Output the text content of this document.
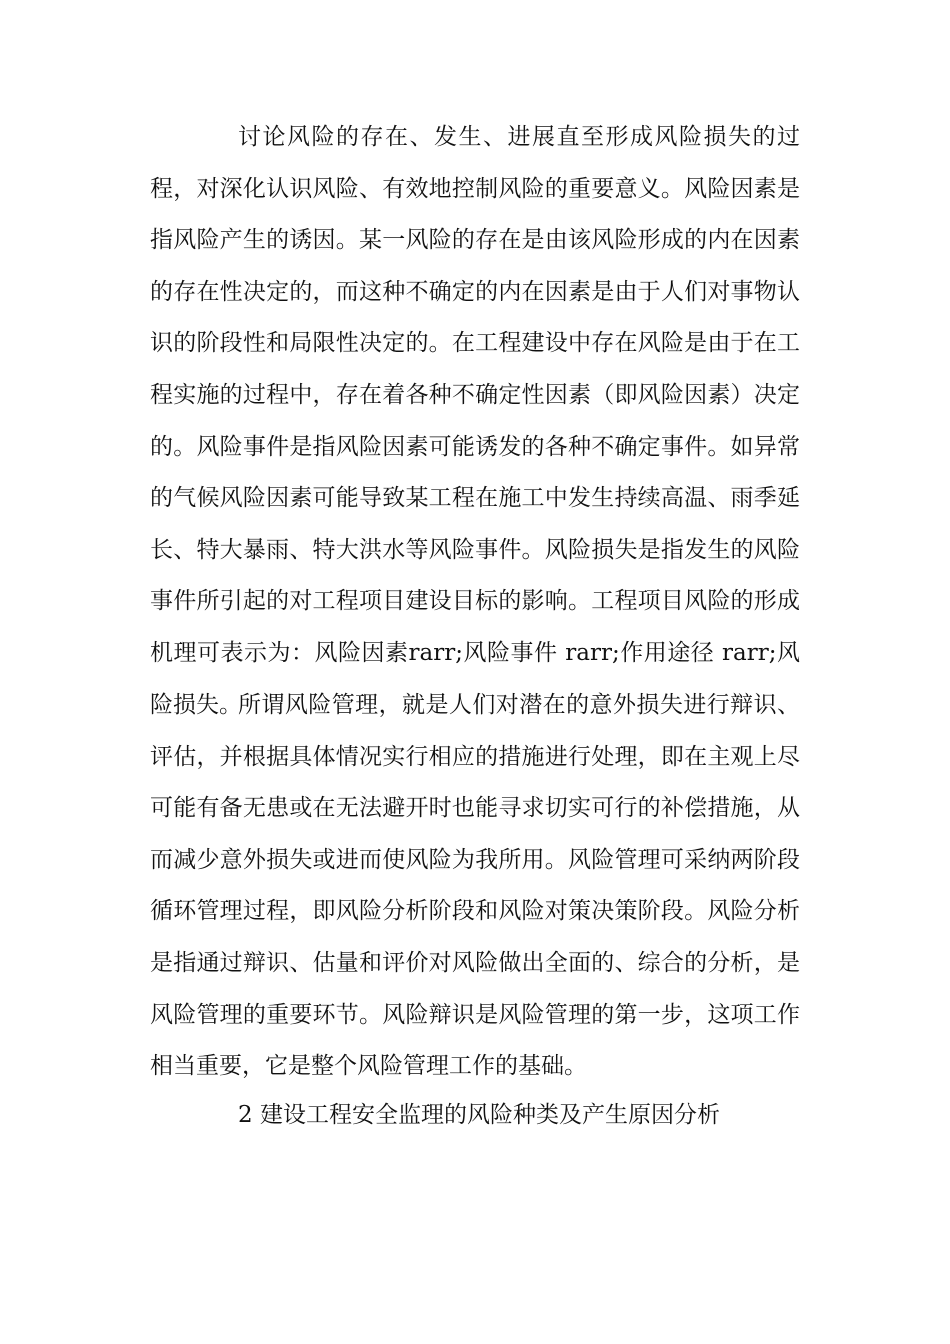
讨论风险的存在、发生、进展直至形成风险损失的过程，对深化认识风险、有效地控制风险的重要意义。风险因素是指风险产生的诱因。某一风险的存在是由该风险形成的内在因素的存在性决定的，而这种不确定的内在因素是由于人们对事物认识的阶段性和局限性决定的。在工程建设中存在风险是由于在工程实施的过程中，存在着各种不确定性因素（即风险因素）决定的。风险事件是指风险因素可能诱发的各种不确定事件。如异常的气候风险因素可能导致某工程在施工中发生持续高温、雨季延长、特大暴雨、特大洪水等风险事件。风险损失是指发生的风险事件所引起的对工程项目建设目标的影响。工程项目风险的形成机理可表示为：风险因素rarr;风险事件 rarr;作用途径 rarr;风险损失。

所谓风险管理，就是人们对潜在的意外损失进行辩识、评估，并根据具体情况实行相应的措施进行处理，即在主观上尽可能有备无患或在无法避开时也能寻求切实可行的补偿措施，从而减少意外损失或进而使风险为我所用。风险管理可采纳两阶段循环管理过程，即风险分析阶段和风险对策决策阶段。风险分析是指通过辩识、估量和评价对风险做出全面的、综合的分析，是风险管理的重要环节。风险辩识是风险管理的第一步，这项工作相当重要，它是整个风险管理工作的基础。

2 建设工程安全监理的风险种类及产生原因分析
